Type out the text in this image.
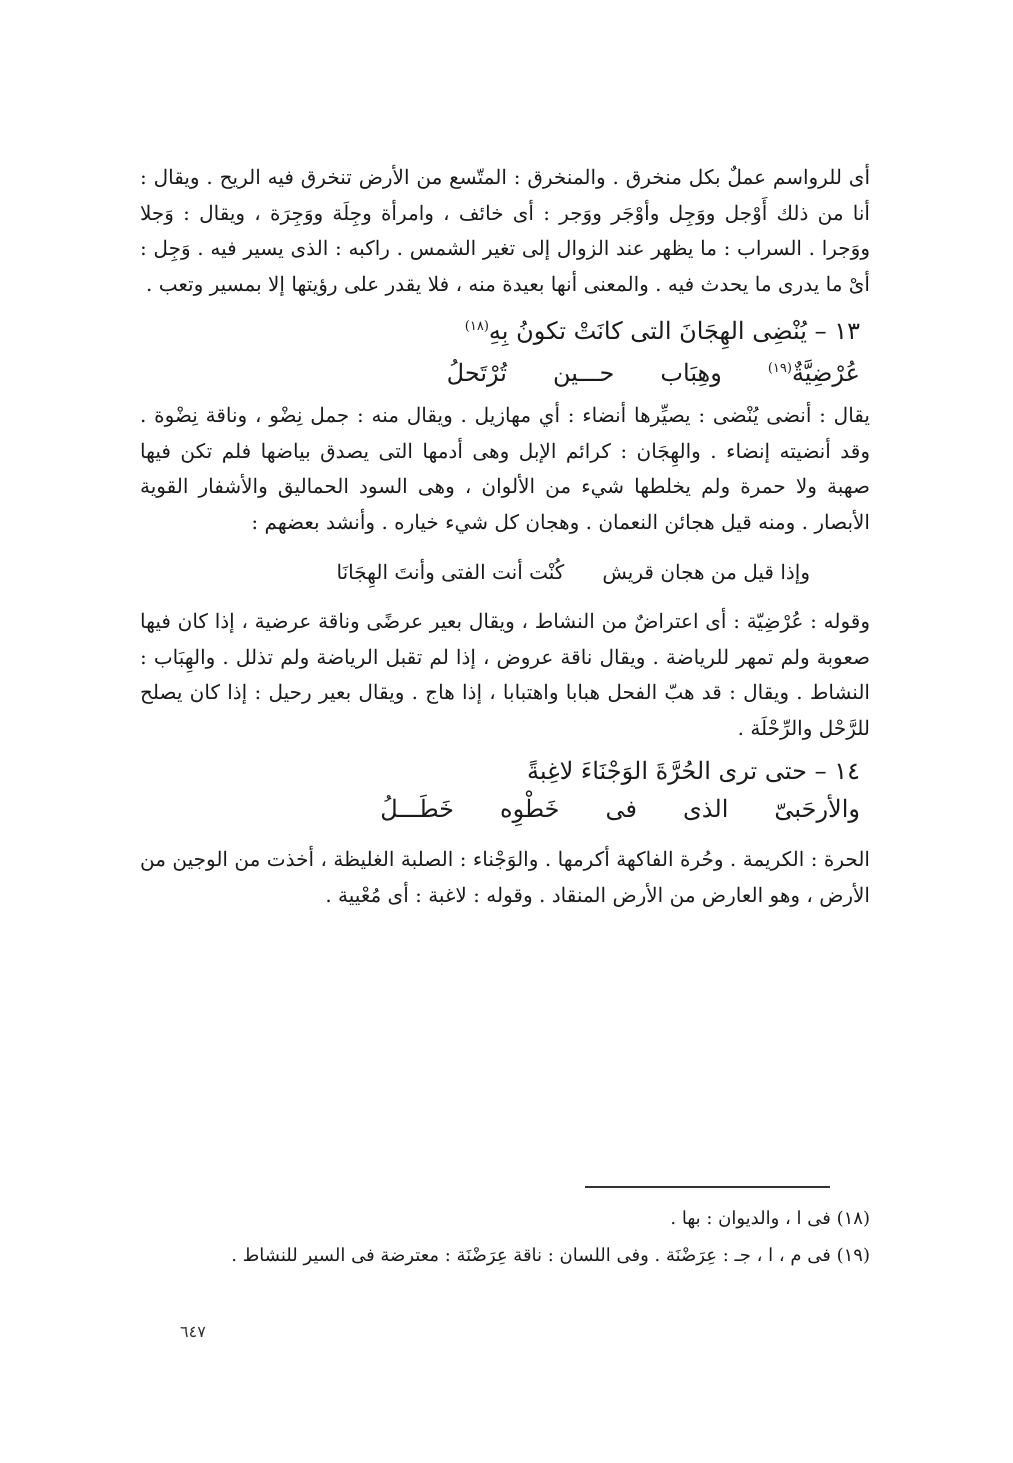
أى للرواسم عملٌ بكل منخرق . والمنخرق : المتّسع من الأرض تنخرق فيه الريح . ويقال : أنا من ذلك أَوْجل ووَجِل وأوْجَر ووَجر : أى خائف ، وامرأة وجِلَة ووَجِرَة ، ويقال : وَجلا ووَجرا . السراب : ما يظهر عند الزوال إلى تغير الشمس . راكبه : الذى يسير فيه . وَجِل : أىْ ما يدرى ما يحدث فيه . والمعنى أنها بعيدة منه ، فلا يقدر على رؤيتها إلا بمسير وتعب .

١٣ – يُنْضِى الهِجَانَ التى كانَتْ تكونُ بِهِ$^{(١٨)}$
عُرْضِيَّةٌ$^{(١٩)}$وهِبَابحـــينتُرْتَحلُ

يقال : أنضى يُنْضى : يصيِّرها أنضاء : أي مهازيل . ويقال منه : جمل نِضْو ، وناقة نِضْوة . وقد أنضيته إنضاء . والهِجَان : كرائم الإبل وهى أدمها التى يصدق بياضها فلم تكن فيها صهبة ولا حمرة ولم يخلطها شيء من الألوان ، وهى السود الحماليق والأشفار القوية الأبصار . ومنه قيل هجائن النعمان . وهجان كل شيء خياره . وأنشد بعضهم :

وإذا قيل من هجان قريشكُنْت أنت الفتى وأنتَ الهِجَانَا

وقوله : عُرْضِيّة : أى اعتراضٌ من النشاط ، ويقال بعير عرضًى وناقة عرضية ، إذا كان فيها صعوبة ولم تمهر للرياضة . ويقال ناقة عروض ، إذا لم تقبل الرياضة ولم تذلل . والهِبَاب : النشاط . ويقال : قد هبّ الفحل هبابا واهتبابا ، إذا هاج . ويقال بعير رحيل : إذا كان يصلح للرَّحْل والرِّحْلَة .

١٤ – حتى ترى الحُرَّةَ الوَجْنَاءَ لاغِبةً
والأرحَبىّالذىفىخَطْوِهخَطَـــلُ

الحرة : الكريمة . وحُرة الفاكهة أكرمها . والوَجْناء : الصلبة الغليظة ، أخذت من الوجين من الأرض ، وهو العارض من الأرض المنقاد . وقوله : لاغبة : أى مُعْيية .

(١٨) فى ا ، والديوان : بها .

(١٩) فى م ، ا ، جـ : عِرَضْنَة . وفى اللسان : ناقة عِرَضْنَة : معترضة فى السير للنشاط .

٦٤٧
